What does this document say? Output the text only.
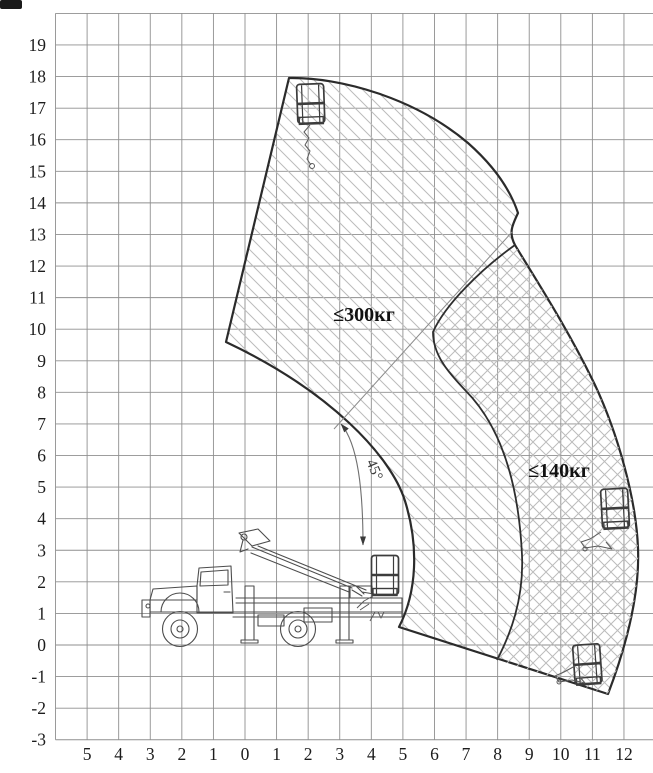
5 4 3 2 1 0 1 2 3 4 5 6 7 8 9 10 11 12
19
18
17
16
15
14
13
12
11
10
9
8
7
6
5
4
3
2
1
0
-1
-2
-3
45°
≤300кг
≤140кг
